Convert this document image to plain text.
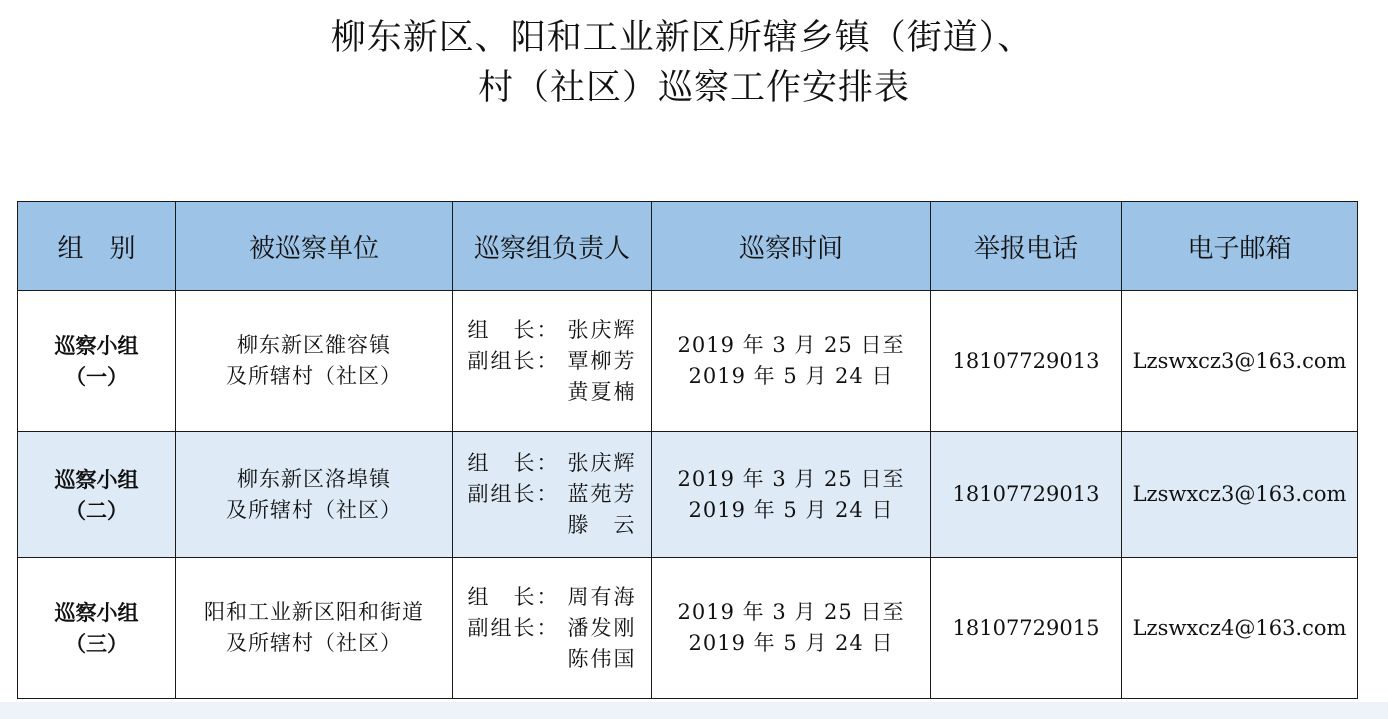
柳东新区、阳和工业新区所辖乡镇（街道）、
村（社区）巡察工作安排表
组　别	被巡察单位	巡察组负责人	巡察时间	举报电话	电子邮箱

巡察小组
（一）	柳东新区雒容镇
及所辖村（社区）	组　长： 张庆辉
副组长： 覃柳芳
黄夏楠	2019 年 3 月 25 日至
2019 年 5 月 24 日	18107729013	Lzswxcz3@163.com

巡察小组
（二）	柳东新区洛埠镇
及所辖村（社区）	组　长： 张庆辉
副组长： 蓝苑芳
滕　云	2019 年 3 月 25 日至
2019 年 5 月 24 日	18107729013	Lzswxcz3@163.com

巡察小组
（三）	阳和工业新区阳和街道
及所辖村（社区）	组　长： 周有海
副组长： 潘发刚
陈伟国	2019 年 3 月 25 日至
2019 年 5 月 24 日	18107729015	Lzswxcz4@163.com
